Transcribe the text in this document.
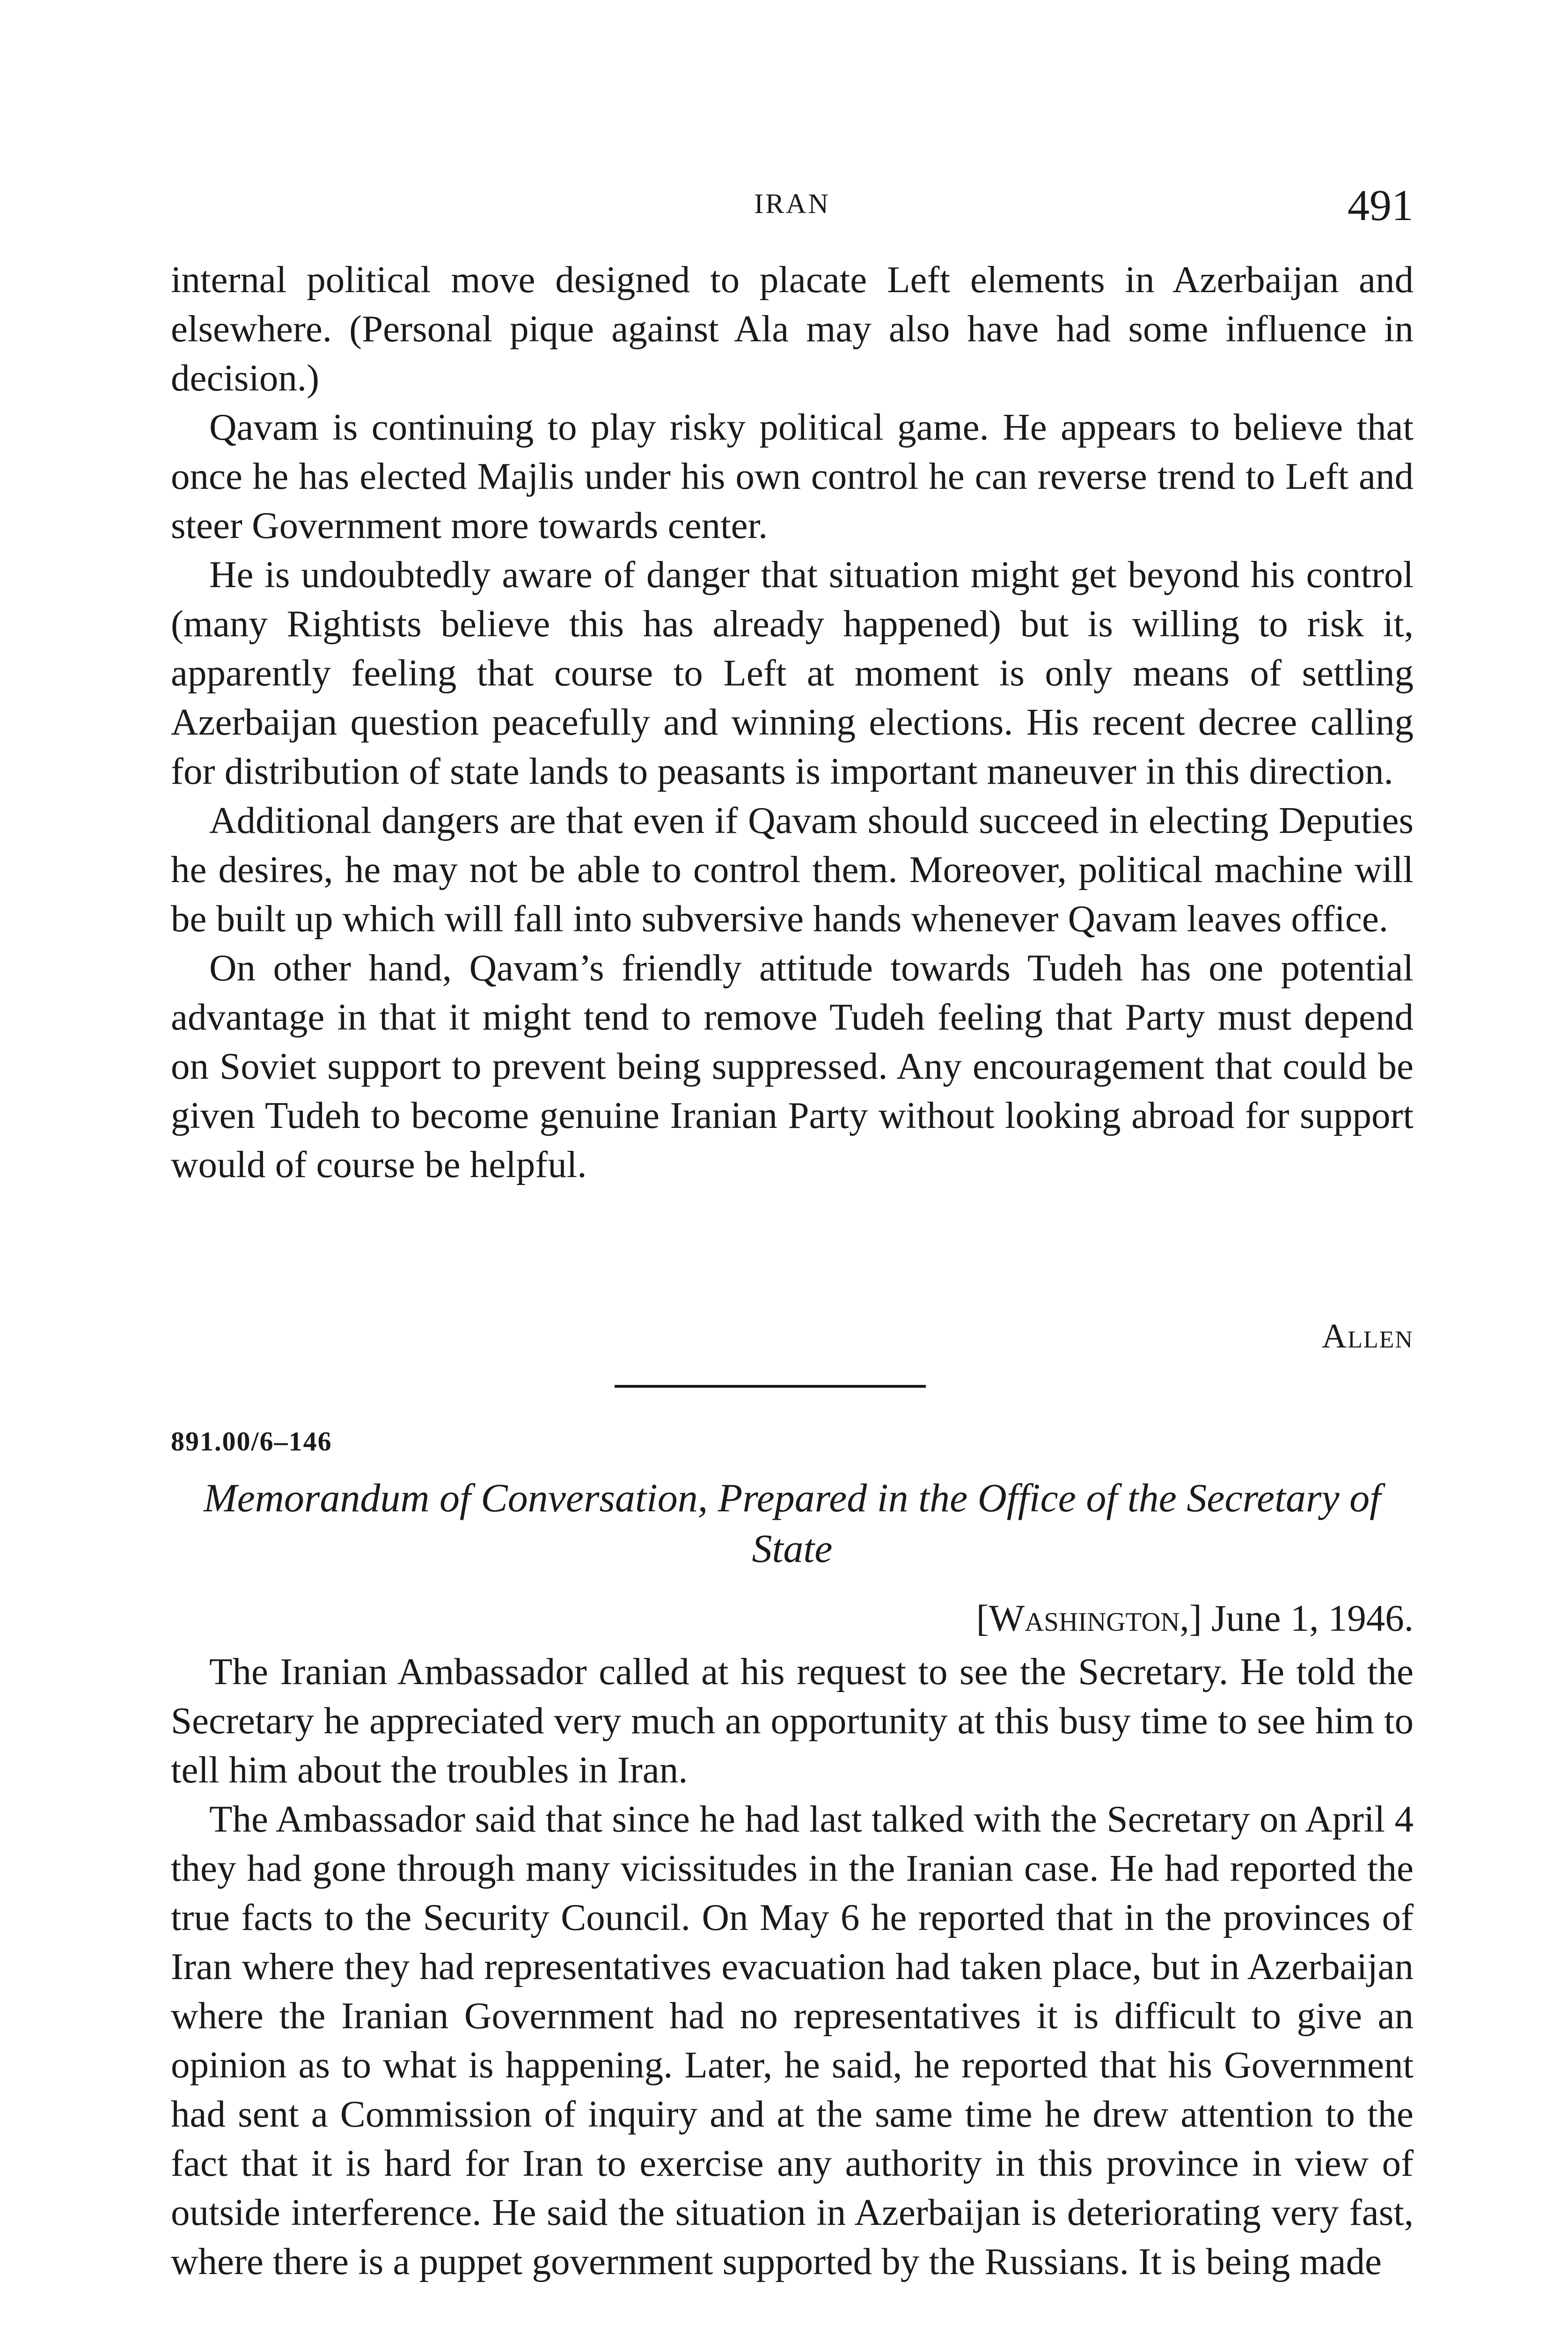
IRAN	491

internal political move designed to placate Left elements in Azerbaijan and elsewhere. (Personal pique against Ala may also have had some influence in decision.)

Qavam is continuing to play risky political game. He appears to believe that once he has elected Majlis under his own control he can reverse trend to Left and steer Government more towards center.

He is undoubtedly aware of danger that situation might get beyond his control (many Rightists believe this has already happened) but is willing to risk it, apparently feeling that course to Left at moment is only means of settling Azerbaijan question peacefully and winning elections. His recent decree calling for distribution of state lands to peasants is important maneuver in this direction.

Additional dangers are that even if Qavam should succeed in electing Deputies he desires, he may not be able to control them. Moreover, political machine will be built up which will fall into subversive hands whenever Qavam leaves office.

On other hand, Qavam’s friendly attitude towards Tudeh has one potential advantage in that it might tend to remove Tudeh feeling that Party must depend on Soviet support to prevent being suppressed. Any encouragement that could be given Tudeh to become genuine Iranian Party without looking abroad for support would of course be helpful.

Allen
891.00/6–146
Memorandum of Conversation, Prepared in the Office of the Secretary of State
[Washington,] June 1, 1946.

The Iranian Ambassador called at his request to see the Secretary. He told the Secretary he appreciated very much an opportunity at this busy time to see him to tell him about the troubles in Iran.

The Ambassador said that since he had last talked with the Secretary on April 4 they had gone through many vicissitudes in the Iranian case. He had reported the true facts to the Security Council. On May 6 he reported that in the provinces of Iran where they had representatives evacuation had taken place, but in Azerbaijan where the Iranian Government had no representatives it is difficult to give an opinion as to what is happening. Later, he said, he reported that his Government had sent a Commission of inquiry and at the same time he drew attention to the fact that it is hard for Iran to exercise any authority in this province in view of outside interference. He said the situation in Azerbaijan is deteriorating very fast, where there is a puppet government supported by the Russians. It is being made
